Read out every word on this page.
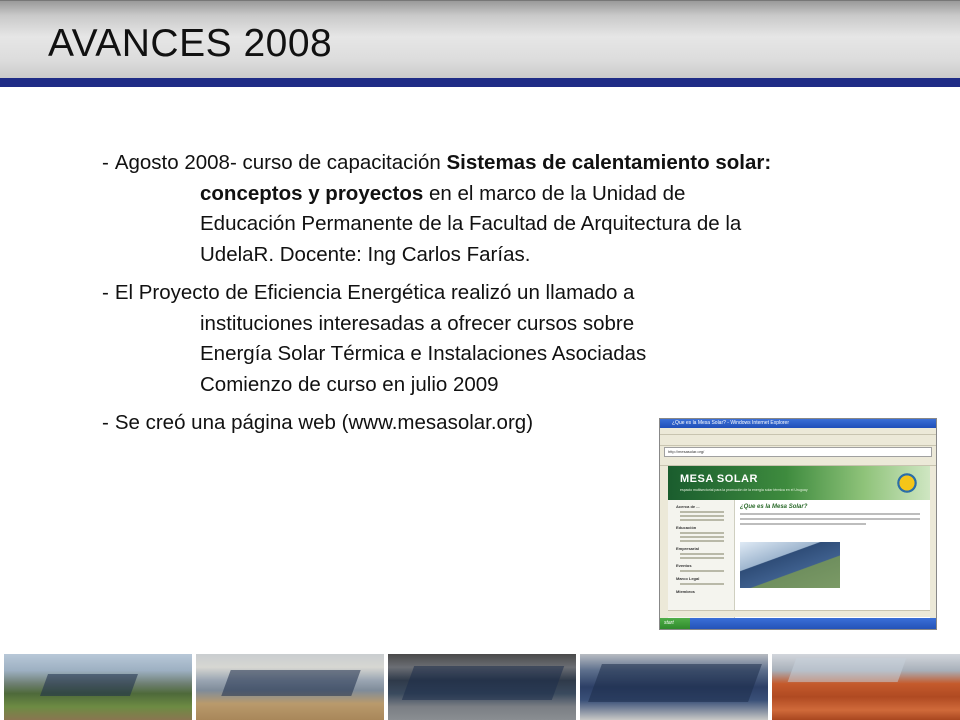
AVANCES 2008
- Agosto 2008- curso de capacitación Sistemas de calentamiento solar:
conceptos y proyectos en el marco de la Unidad de
Educación Permanente de la Facultad de Arquitectura de la
UdelaR. Docente: Ing Carlos Farías.
- El Proyecto de Eficiencia Energética realizó un llamado a
instituciones interesadas a ofrecer cursos sobre
Energía Solar Térmica e Instalaciones Asociadas
Comienzo de curso en julio 2009
- Se creó una página web (www.mesasolar.org)	¿Que es la Mesa Solar? - Windows Internet Explorer
http://mesasolar.org/
MESA SOLAR
espacio multisectorial para la promoción de la energía solar térmica en el Uruguay
Acerca de ...
Educación
Empresarial
Eventos
Marco Legal
Miembros
¿Que es la Mesa Solar?
start
